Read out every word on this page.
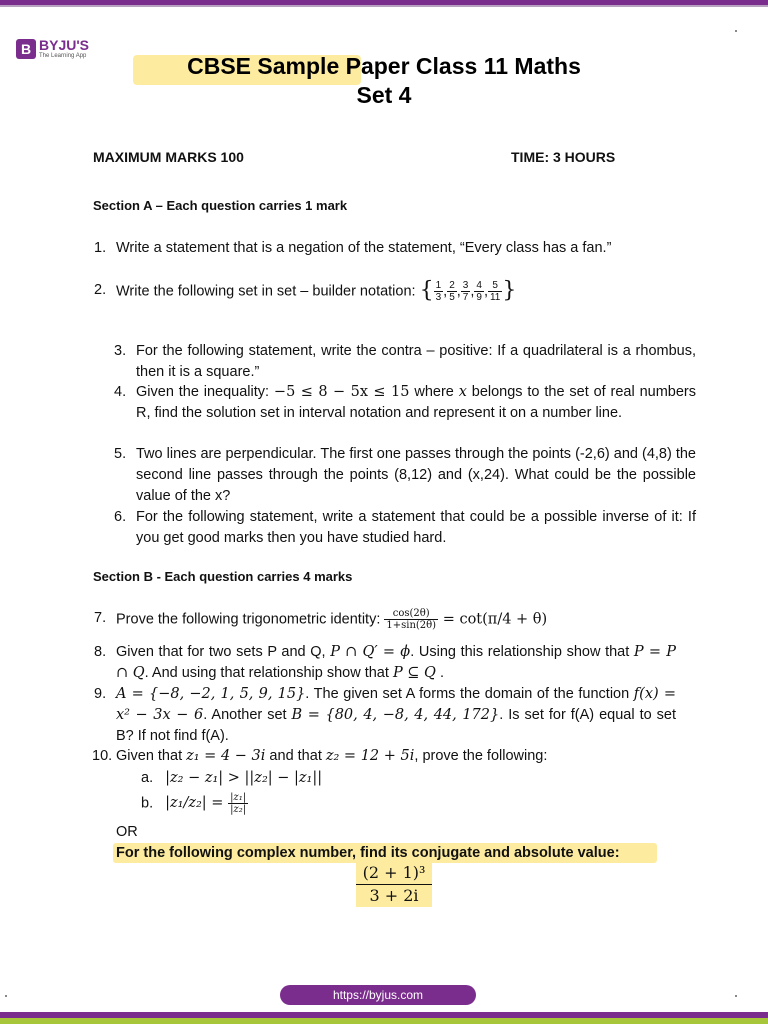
B BYJU'S
The Learning App	CBSE Sample Paper Class 11 Maths
Set 4
MAXIMUM MARKS 100	TIME: 3 HOURS
Section A – Each question carries 1 mark
1. Write a statement that is a negation of the statement, “Every class has a fan.”
2. Write the following set in set – builder notation: { $\frac{1}{3}$ , $\frac{2}{5}$ , $\frac{3}{7}$ , $\frac{4}{9}$ , $\frac{5}{11}$ }
3. For the following statement, write the contra – positive: If a quadrilateral is a rhombus, then it is a square.”
4. Given the inequality: −5 ≤ 8 − 5x ≤ 15 where x belongs to the set of real numbers R, find the solution set in interval notation and represent it on a number line.
5. Two lines are perpendicular. The first one passes through the points (-2,6) and (4,8) the second line passes through the points (8,12) and (x,24). What could be the possible value of the x?
6. For the following statement, write a statement that could be a possible inverse of it: If you get good marks then you have studied hard.
Section B - Each question carries 4 marks
7. Prove the following trigonometric identity: $\frac{\cos(2\theta)}{1+\sin(2\theta)} = \cot(\pi/4 + \theta)$
8. Given that for two sets P and Q, P ∩ Q′ = ϕ. Using this relationship show that P = P ∩ Q. And using that relationship show that P ⊆ Q .
9. A = {−8, −2, 1, 5, 9, 15}. The given set A forms the domain of the function f(x) = x² − 3x − 6. Another set B = {80, 4, −8, 4, 44, 172}. Is set for f(A) equal to set B? If not find f(A).
10. Given that z₁ = 4 − 3i and that z₂ = 12 + 5i, prove the following:
a. |z₂ − z₁| > ||z₂| − |z₁||
b. $|z_1/z_2| = \frac{\text{|z₁|}}{\text{|z₂|}}$
OR
For the following complex number, find its conjugate and absolute value:
$\frac{\text{(2 + 1)³}}{3 + 2i}$
https://byjus.com
